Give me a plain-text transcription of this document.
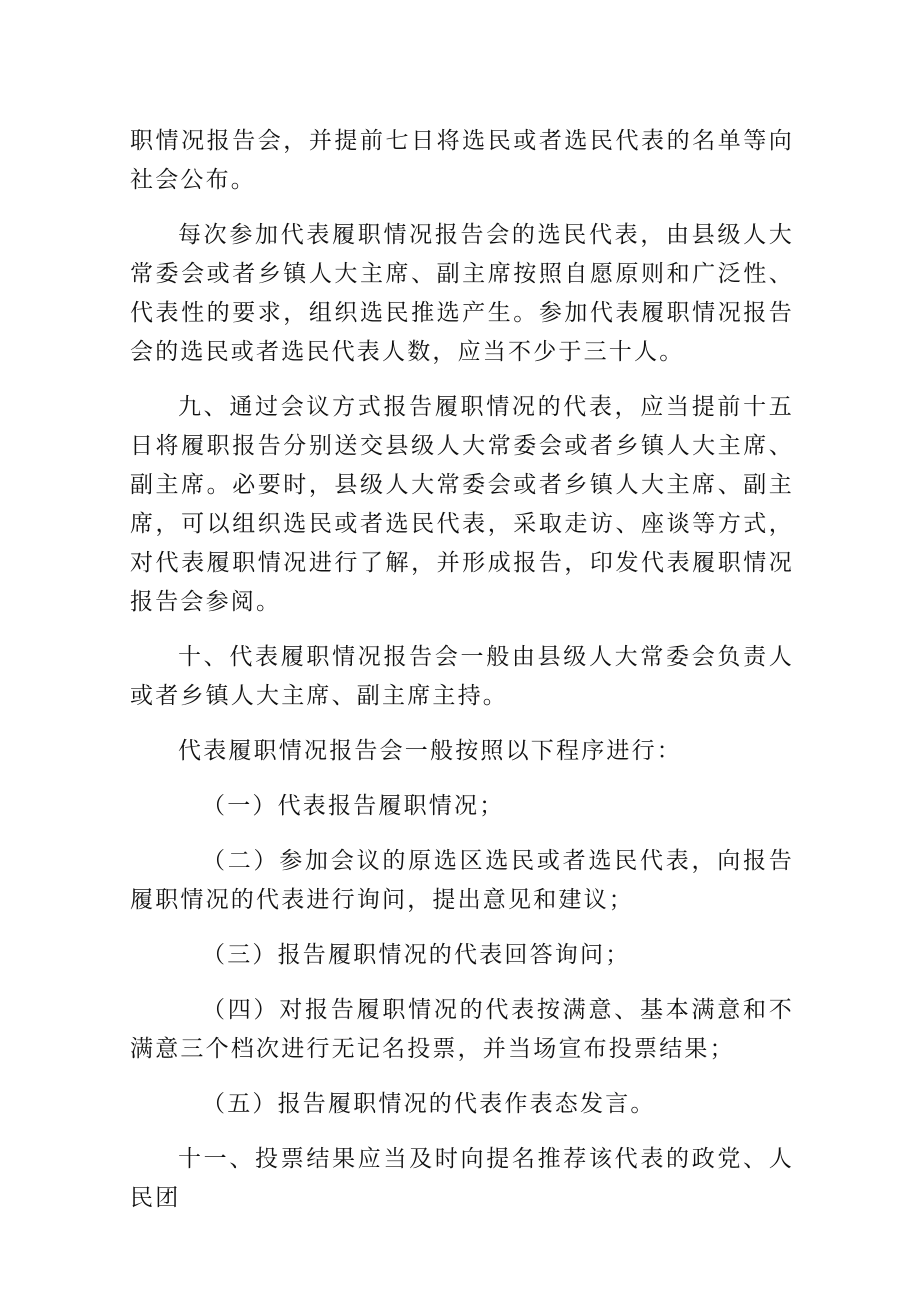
职情况报告会，并提前七日将选民或者选民代表的名单等向社会公布。

每次参加代表履职情况报告会的选民代表，由县级人大常委会或者乡镇人大主席、副主席按照自愿原则和广泛性、代表性的要求，组织选民推选产生。参加代表履职情况报告会的选民或者选民代表人数，应当不少于三十人。

九、通过会议方式报告履职情况的代表，应当提前十五日将履职报告分别送交县级人大常委会或者乡镇人大主席、副主席。必要时，县级人大常委会或者乡镇人大主席、副主席，可以组织选民或者选民代表，采取走访、座谈等方式，对代表履职情况进行了解，并形成报告，印发代表履职情况报告会参阅。

十、代表履职情况报告会一般由县级人大常委会负责人或者乡镇人大主席、副主席主持。

代表履职情况报告会一般按照以下程序进行：

（一）代表报告履职情况；

（二）参加会议的原选区选民或者选民代表，向报告履职情况的代表进行询问，提出意见和建议；

（三）报告履职情况的代表回答询问；

（四）对报告履职情况的代表按满意、基本满意和不满意三个档次进行无记名投票，并当场宣布投票结果；

（五）报告履职情况的代表作表态发言。

十一、投票结果应当及时向提名推荐该代表的政党、人民团
